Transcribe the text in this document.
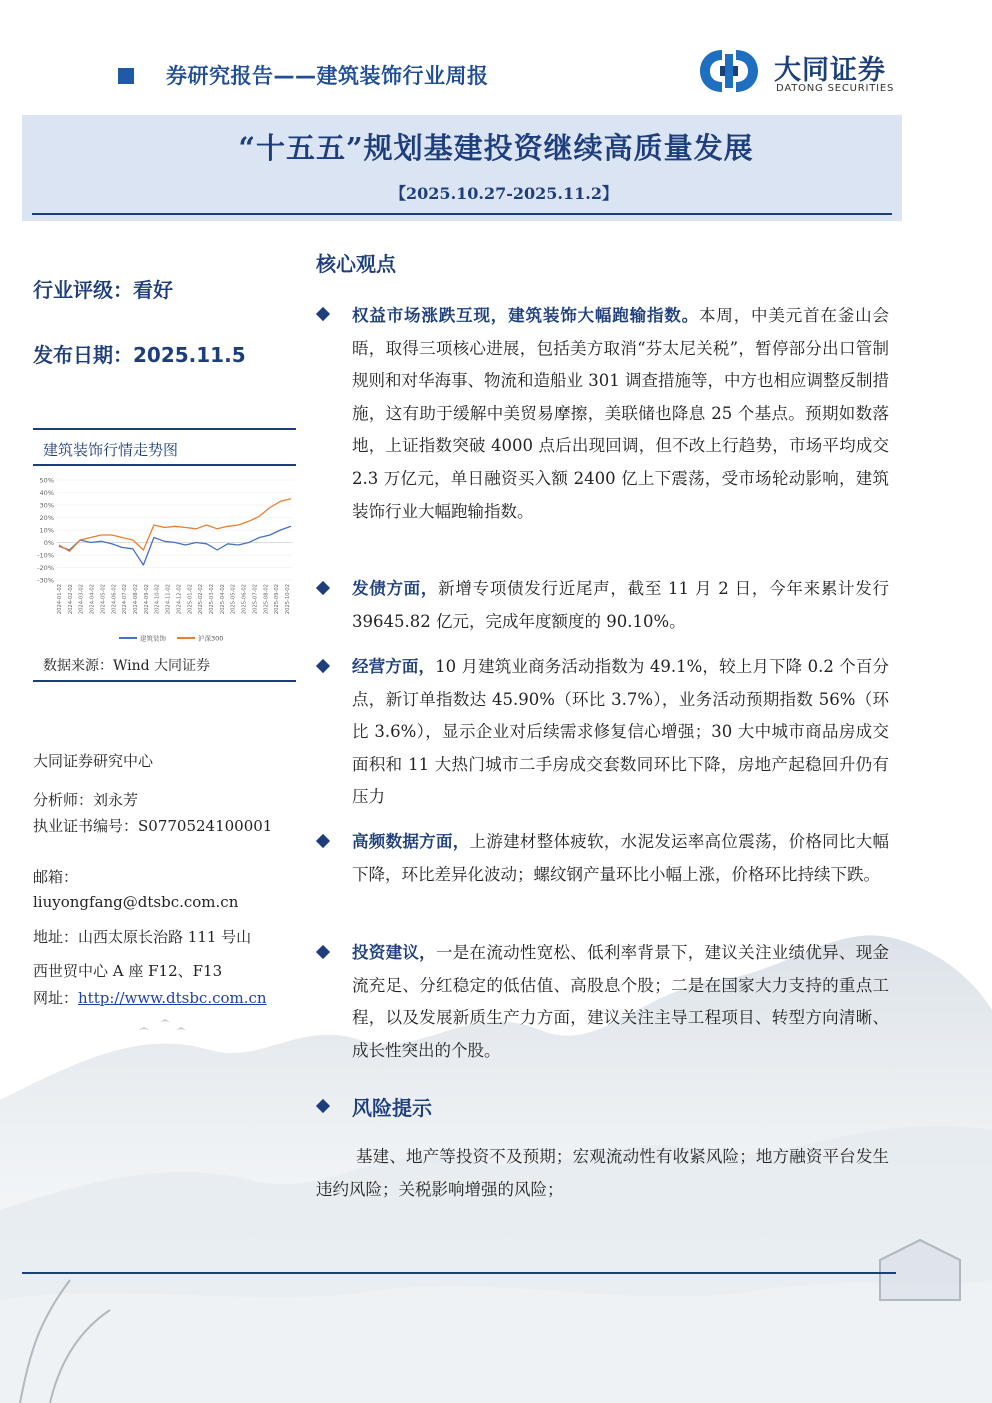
券研究报告——建筑装饰行业周报	大同证券
DATONG SECURITIES
“十五五”规划基建投资继续高质量发展
【2025.10.27-2025.11.2】
行业评级：看好
发布日期：2025.11.5
建筑装饰行情走势图
50%
40%
30%
20%
10%
0%
-10%
-20%
-30%
2024-01-02 2024-02-02 2024-03-02 2024-04-02 2024-05-02 2024-06-02 2024-07-02 2024-08-02 2024-09-02 2024-10-02 2024-11-02 2024-12-02 2025-01-02 2025-02-02 2025-03-02 2025-04-02 2025-05-02 2025-06-02 2025-07-02 2025-08-02 2025-09-02 2025-10-02
建筑装饰	沪深300
数据来源：Wind 大同证券
大同证券研究中心
分析师：刘永芳
执业证书编号：S0770524100001
邮箱：
liuyongfang@dtsbc.com.cn
地址：山西太原长治路 111 号山
西世贸中心 A 座 F12、F13
网址：http://www.dtsbc.com.cn
核心观点
权益市场涨跌互现，建筑装饰大幅跑输指数。本周，中美元首在釜山会晤，取得三项核心进展，包括美方取消“芬太尼关税”，暂停部分出口管制规则和对华海事、物流和造船业 301 调查措施等，中方也相应调整反制措施，这有助于缓解中美贸易摩擦，美联储也降息 25 个基点。预期如数落地，上证指数突破 4000 点后出现回调，但不改上行趋势，市场平均成交 2.3 万亿元，单日融资买入额 2400 亿上下震荡，受市场轮动影响，建筑装饰行业大幅跑输指数。
发债方面，新增专项债发行近尾声，截至 11 月 2 日，今年来累计发行 39645.82 亿元，完成年度额度的 90.10%。
经营方面，10 月建筑业商务活动指数为 49.1%，较上月下降 0.2 个百分点，新订单指数达 45.90%（环比 3.7%），业务活动预期指数 56%（环比 3.6%），显示企业对后续需求修复信心增强；30 大中城市商品房成交面积和 11 大热门城市二手房成交套数同环比下降，房地产起稳回升仍有压力
高频数据方面，上游建材整体疲软，水泥发运率高位震荡，价格同比大幅下降，环比差异化波动；螺纹钢产量环比小幅上涨，价格环比持续下跌。
投资建议，一是在流动性宽松、低利率背景下，建议关注业绩优异、现金流充足、分红稳定的低估值、高股息个股；二是在国家大力支持的重点工程，以及发展新质生产力方面，建议关注主导工程项目、转型方向清晰、成长性突出的个股。
风险提示
基建、地产等投资不及预期；宏观流动性有收紧风险；地方融资平台发生违约风险；关税影响增强的风险；
